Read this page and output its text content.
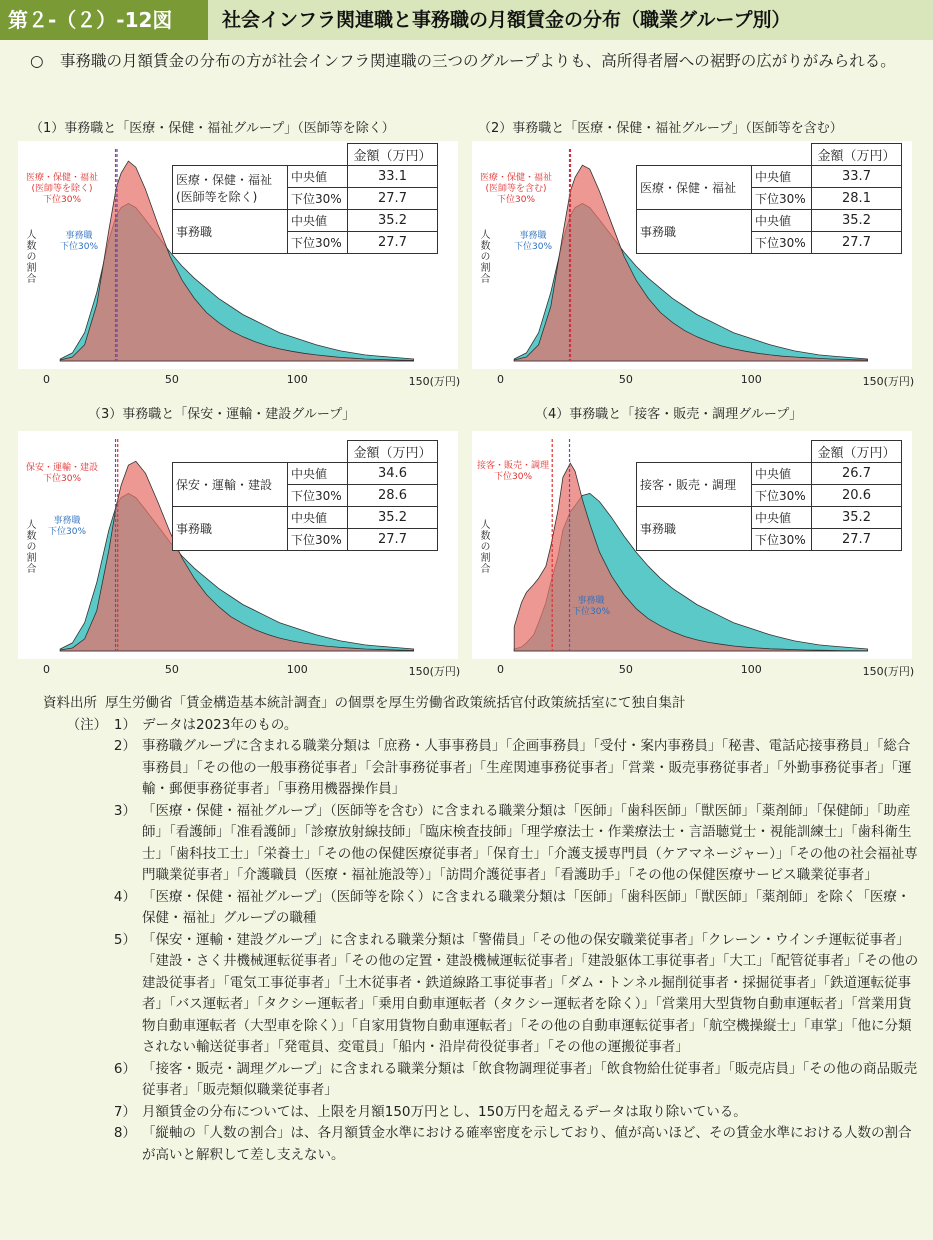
第２-（２）-12図	社会インフラ関連職と事務職の月額賃金の分布（職業グループ別）
○ 事務職の月額賃金の分布の方が社会インフラ関連職の三つのグループよりも、高所得者層への裾野の広がりがみられる。
（1）事務職と「医療・保健・福祉グループ」（医師等を除く）
人数の割合
医療・保健・福祉
(医師等を除く)
下位30%
事務職
下位30%
0	50	100	150(万円)
		金額（万円）
医療・保健・福祉
(医師等を除く)	中央値	33.1
	下位30%	27.7
事務職	中央値	35.2
	下位30%	27.7
（2）事務職と「医療・保健・福祉グループ」（医師等を含む）
人数の割合
医療・保健・福祉
(医師等を含む)
下位30%
事務職
下位30%
0	50	100	150(万円)
		金額（万円）
医療・保健・福祉	中央値	33.7
	下位30%	28.1
事務職	中央値	35.2
	下位30%	27.7
（3）事務職と「保安・運輸・建設グループ」
人数の割合
保安・運輸・建設
下位30%
事務職
下位30%
0	50	100	150(万円)
		金額（万円）
保安・運輸・建設	中央値	34.6
	下位30%	28.6
事務職	中央値	35.2
	下位30%	27.7
（4）事務職と「接客・販売・調理グループ」
人数の割合
接客・販売・調理
下位30%
事務職
下位30%
0	50	100	150(万円)
		金額（万円）
接客・販売・調理	中央値	26.7
	下位30%	20.6
事務職	中央値	35.2
	下位30%	27.7
資料出所 厚生労働省「賃金構造基本統計調査」の個票を厚生労働省政策統括官付政策統括室にて独自集計
（注）　1） データは2023年のもの。
2） 事務職グループに含まれる職業分類は「庶務・人事事務員」「企画事務員」「受付・案内事務員」「秘書、電話応接事務員」「総合事務員」「その他の一般事務従事者」「会計事務従事者」「生産関連事務従事者」「営業・販売事務従事者」「外勤事務従事者」「運輸・郵便事務従事者」「事務用機器操作員」
3） 「医療・保健・福祉グループ」（医師等を含む）に含まれる職業分類は「医師」「歯科医師」「獣医師」「薬剤師」「保健師」「助産師」「看護師」「准看護師」「診療放射線技師」「臨床検査技師」「理学療法士・作業療法士・言語聴覚士・視能訓練士」「歯科衛生士」「歯科技工士」「栄養士」「その他の保健医療従事者」「保育士」「介護支援専門員（ケアマネージャー）」「その他の社会福祉専門職業従事者」「介護職員（医療・福祉施設等）」「訪問介護従事者」「看護助手」「その他の保健医療サービス職業従事者」
4） 「医療・保健・福祉グループ」（医師等を除く）に含まれる職業分類は「医師」「歯科医師」「獣医師」「薬剤師」を除く「医療・保健・福祉」グループの職種
5） 「保安・運輸・建設グループ」に含まれる職業分類は「警備員」「その他の保安職業従事者」「クレーン・ウインチ運転従事者」「建設・さく井機械運転従事者」「その他の定置・建設機械運転従事者」「建設躯体工事従事者」「大工」「配管従事者」「その他の建設従事者」「電気工事従事者」「土木従事者・鉄道線路工事従事者」「ダム・トンネル掘削従事者・採掘従事者」「鉄道運転従事者」「バス運転者」「タクシー運転者」「乗用自動車運転者（タクシー運転者を除く）」「営業用大型貨物自動車運転者」「営業用貨物自動車運転者（大型車を除く）」「自家用貨物自動車運転者」「その他の自動車運転従事者」「航空機操縦士」「車掌」「他に分類されない輸送従事者」「発電員、変電員」「船内・沿岸荷役従事者」「その他の運搬従事者」
6） 「接客・販売・調理グループ」に含まれる職業分類は「飲食物調理従事者」「飲食物給仕従事者」「販売店員」「その他の商品販売従事者」「販売類似職業従事者」
7） 月額賃金の分布については、上限を月額150万円とし、150万円を超えるデータは取り除いている。
8） 「縦軸の「人数の割合」は、各月額賃金水準における確率密度を示しており、値が高いほど、その賃金水準における人数の割合が高いと解釈して差し支えない。
